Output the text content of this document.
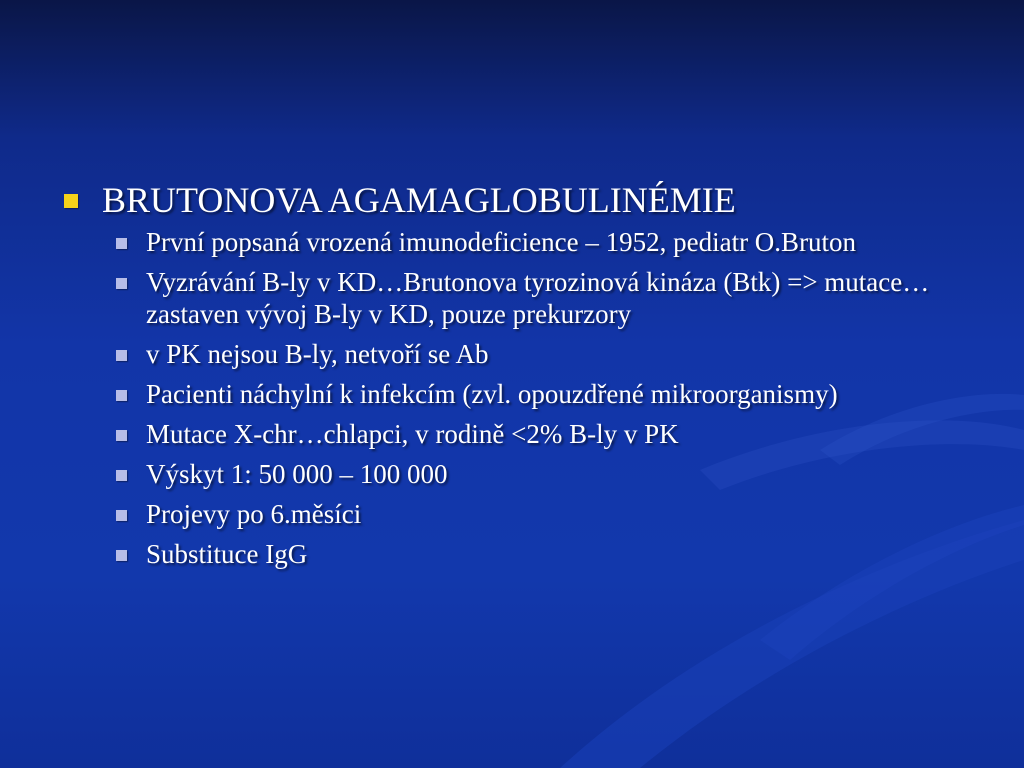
BRUTONOVA AGAMAGLOBULINÉMIE
První popsaná vrozená imunodeficience – 1952, pediatr O.Bruton
Vyzrávání B-ly v KD…Brutonova tyrozinová kináza (Btk) => mutace…zastaven vývoj B-ly v KD, pouze prekurzory
v PK nejsou B-ly, netvoří se Ab
Pacienti náchylní k infekcím (zvl. opouzdřené mikroorganismy)
Mutace X-chr…chlapci, v rodině <2% B-ly v PK
Výskyt 1: 50 000 – 100 000
Projevy po 6.měsíci
Substituce IgG
